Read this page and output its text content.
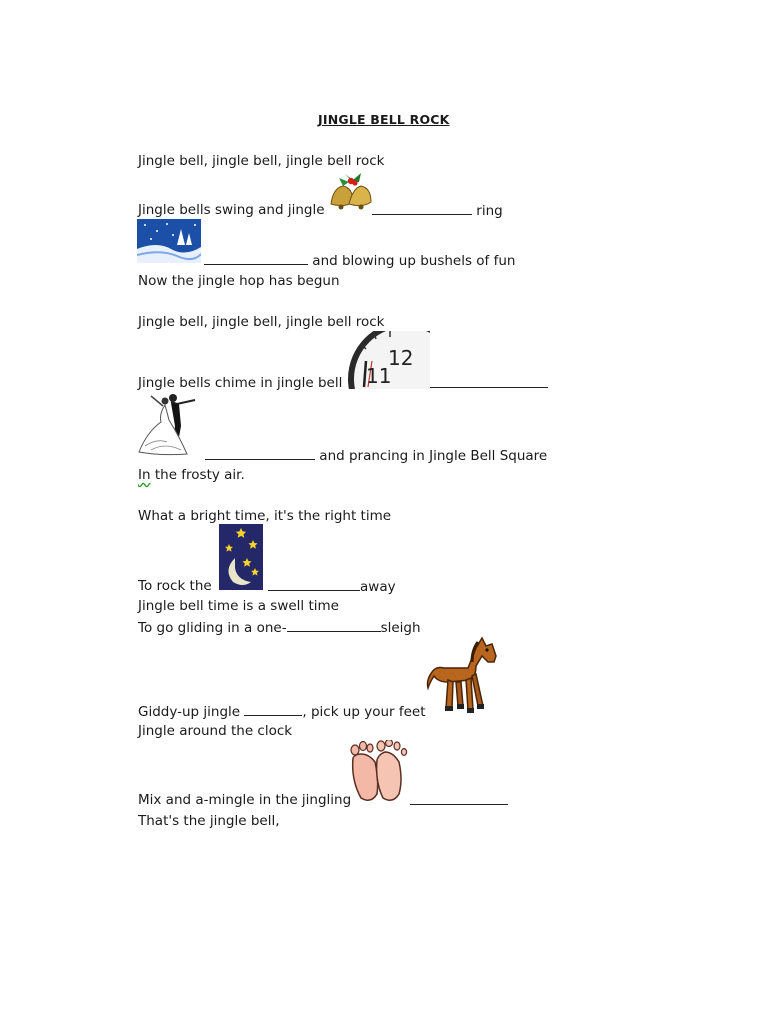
JINGLE BELL ROCK
Jingle bell, jingle bell, jingle bell rock
Jingle bells swing and jingle	ring
and blowing up bushels of fun
Now the jingle hop has begun
Jingle bell, jingle bell, jingle bell rock
Jingle bells chime in jingle bell 11
12
and prancing in Jingle Bell Square
In the frosty air.
What a bright time, it's the right time
To rock the	away
Jingle bell time is a swell time
To go gliding in a one-	sleigh
Giddy-up jingle	, pick up your feet
Jingle around the clock
Mix and a-mingle in the jingling
That's the jingle bell,
